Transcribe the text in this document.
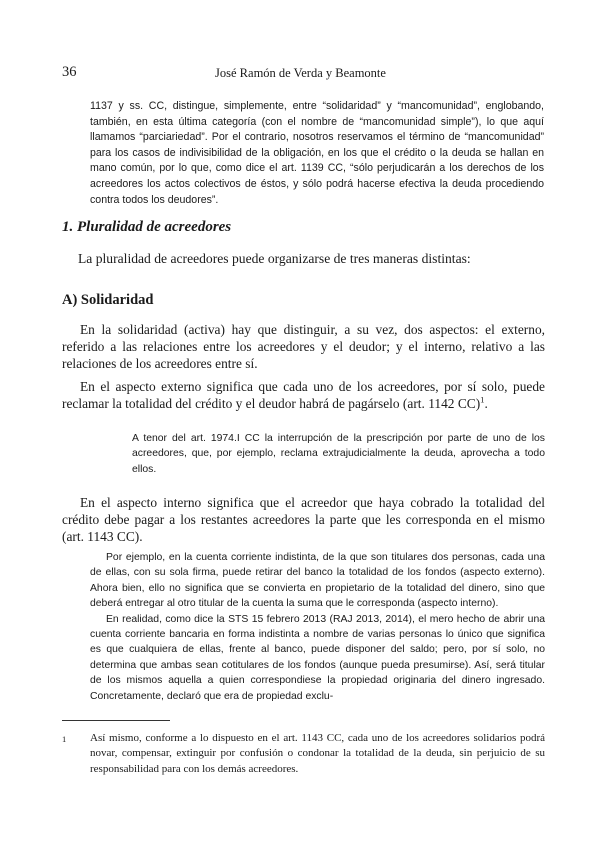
36	José Ramón de Verda y Beamonte
1137 y ss. CC, distingue, simplemente, entre “solidaridad” y “mancomunidad”, englobando, también, en esta última categoría (con el nombre de “mancomunidad simple”), lo que aquí llamamos “parciariedad”. Por el contrario, nosotros reservamos el término de “mancomunidad” para los casos de indivisibilidad de la obligación, en los que el crédito o la deuda se hallan en mano común, por lo que, como dice el art. 1139 CC, “sólo perjudicarán a los derechos de los acreedores los actos colectivos de éstos, y sólo podrá hacerse efectiva la deuda procediendo contra todos los deudores”.
1. Pluralidad de acreedores
La pluralidad de acreedores puede organizarse de tres maneras distintas:
A) Solidaridad

En la solidaridad (activa) hay que distinguir, a su vez, dos aspectos: el externo, referido a las relaciones entre los acreedores y el deudor; y el interno, relativo a las relaciones de los acreedores entre sí.

En el aspecto externo significa que cada uno de los acreedores, por sí solo, puede reclamar la totalidad del crédito y el deudor habrá de pagárselo (art. 1142 CC)$^1$.

A tenor del art. 1974.I CC la interrupción de la prescripción por parte de uno de los acreedores, que, por ejemplo, reclama extrajudicialmente la deuda, aprovecha a todo ellos.

En el aspecto interno significa que el acreedor que haya cobrado la totalidad del crédito debe pagar a los restantes acreedores la parte que les corresponda en el mismo (art. 1143 CC).

Por ejemplo, en la cuenta corriente indistinta, de la que son titulares dos personas, cada una de ellas, con su sola firma, puede retirar del banco la totalidad de los fondos (aspecto externo). Ahora bien, ello no significa que se convierta en propietario de la totalidad del dinero, sino que deberá entregar al otro titular de la cuenta la suma que le corresponda (aspecto interno).

En realidad, como dice la STS 15 febrero 2013 (RAJ 2013, 2014), el mero hecho de abrir una cuenta corriente bancaria en forma indistinta a nombre de varias personas lo único que significa es que cualquiera de ellas, frente al banco, puede disponer del saldo; pero, por sí solo, no determina que ambas sean cotitulares de los fondos (aunque pueda presumirse). Así, será titular de los mismos aquella a quien correspondiese la propiedad originaria del dinero ingresado. Concretamente, declaró que era de propiedad exclu-

1 Así mismo, conforme a lo dispuesto en el art. 1143 CC, cada uno de los acreedores solidarios podrá novar, compensar, extinguir por confusión o condonar la totalidad de la deuda, sin perjuicio de su responsabilidad para con los demás acreedores.
